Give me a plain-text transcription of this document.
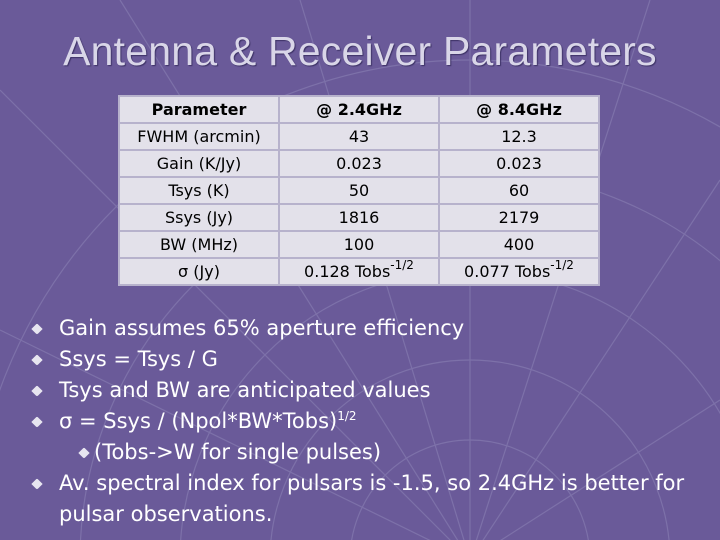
Antenna & Receiver Parameters
Parameter	@ 2.4GHz	@ 8.4GHz
FWHM (arcmin)	43	12.3
Gain (K/Jy)	0.023	0.023
Tsys (K)	50	60
Ssys (Jy)	1816	2179
BW (MHz)	100	400
σ (Jy)	0.128 Tobs$^{-1/2}$	0.077 Tobs$^{-1/2}$
Gain assumes 65% aperture efficiency
Ssys = Tsys / G
Tsys and BW are anticipated values
σ = Ssys / (Npol*BW*Tobs)$^{1/2}$
(Tobs->W for single pulses)
Av. spectral index for pulsars is -1.5, so 2.4GHz is better for pulsar observations.
